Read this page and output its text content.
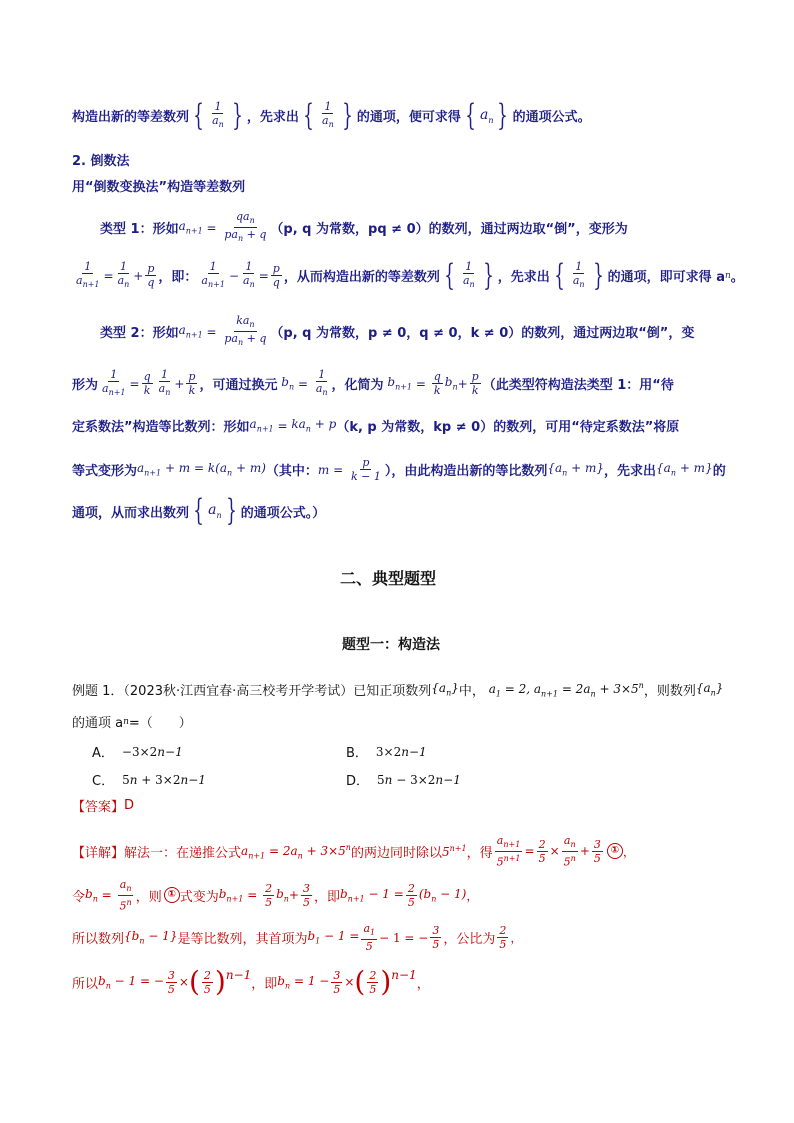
构造出新的等差数列 { $\frac{1}{a_n}$ } ，先求出 { $\frac{1}{a_n}$ } 的通项，便可求得 { $a_n$ } 的通项公式。
2. 倒数法
用“倒数变换法”构造等差数列
类型 1：形如 $a_{n+1} = \frac{qa_n}{pa_n + q} (p$, q 为常数，pq ≠ 0）的数列，通过两边取“倒”，变形为
$\frac{1}{a_{n+1}} = \frac{1}{a_n} + \frac{p}{q}$ ，即： $\frac{1}{a_{n+1}} - \frac{1}{a_n} = \frac{p}{q}$ ，从而构造出新的等差数列 { $\frac{1}{a_n}$ } ，先求出 { $\frac{1}{a_n}$ } 的通项，即可求得 a n 。
类型 2：形如 $a_{n+1} = \frac{ka_n}{pa_n + q} (p$, q 为常数，p ≠ 0，q ≠ 0，k ≠ 0）的数列，通过两边取“倒”，变
形为 $\frac{1}{a_{n+1}} = \frac{q}{k} \frac{1}{a_n} + \frac{p}{k}$ ，可通过换元 $b_n = \frac{1}{a_n}$ ，化简为 $b_{n+1} = \frac{q}{k} b_n + \frac{p}{k}$ （此类型符构造法类型 1：用“待
定系数法”构造等比数列：形如 $a_{n+1} = ka_n + p$ （k, p 为常数，kp ≠ 0）的数列，可用“待定系数法”将原
等式变形为 $a_{n+1} + m = k(a_n + m)$ （其中： $m = \frac{p}{k - 1}$ ），由此构造出新的等比数列 $\{a_n + m\}$ ，先求出 $\{a_n + m\}$ 的
通项，从而求出数列 { $a_n$ } 的通项公式。）
二、典型题型
题型一：构造法
例题 1．（2023秋·江西宜春·高三校考开学考试）已知正项数列 $\{a_n\}$ 中， $a_1 = 2$, $a_{n+1} = 2a_n + 3\times 5^n$ ，则数列 $\{a_n\}$
的通项 a n =（　　）
A． −3×2 n−1	B． 3×2 n−1
C． 5 n + 3×2 n−1	D． 5 n − 3×2 n−1
【答案】 D
【详解】 解法一：在递推公式 $a_{n+1} = 2a_n + 3\times 5^n$ 的两边同时除以 $5^{n+1}$ ，得 $\frac{a_{n+1}}{5^{n+1}} = \frac{2}{5} \times \frac{a_n}{5^n} + \frac{3}{5}$ ① ，
令 $b_n = \frac{a_n}{5^n}$ ，则 ① 式变为 $b_{n+1} = \frac{2}{5} b_n + \frac{3}{5}$ ，即 $b_{n+1} - 1 = \frac{2}{5} (b_n - 1)$ ，
所以数列 $\{b_n - 1\}$ 是等比数列，其首项为 $b_1 - 1 = \frac{a_1}{5} - 1$ = − $\frac{3}{5}$ ，公比为 $\frac{2}{5}$ ，
所以 $b_n - 1$ = − $\frac{3}{5}$ × ( $\frac{2}{5}$ ) n−1
，即 $b_n = 1 - \frac{3}{5}$ × ( $\frac{2}{5}$ ) n−1
，
